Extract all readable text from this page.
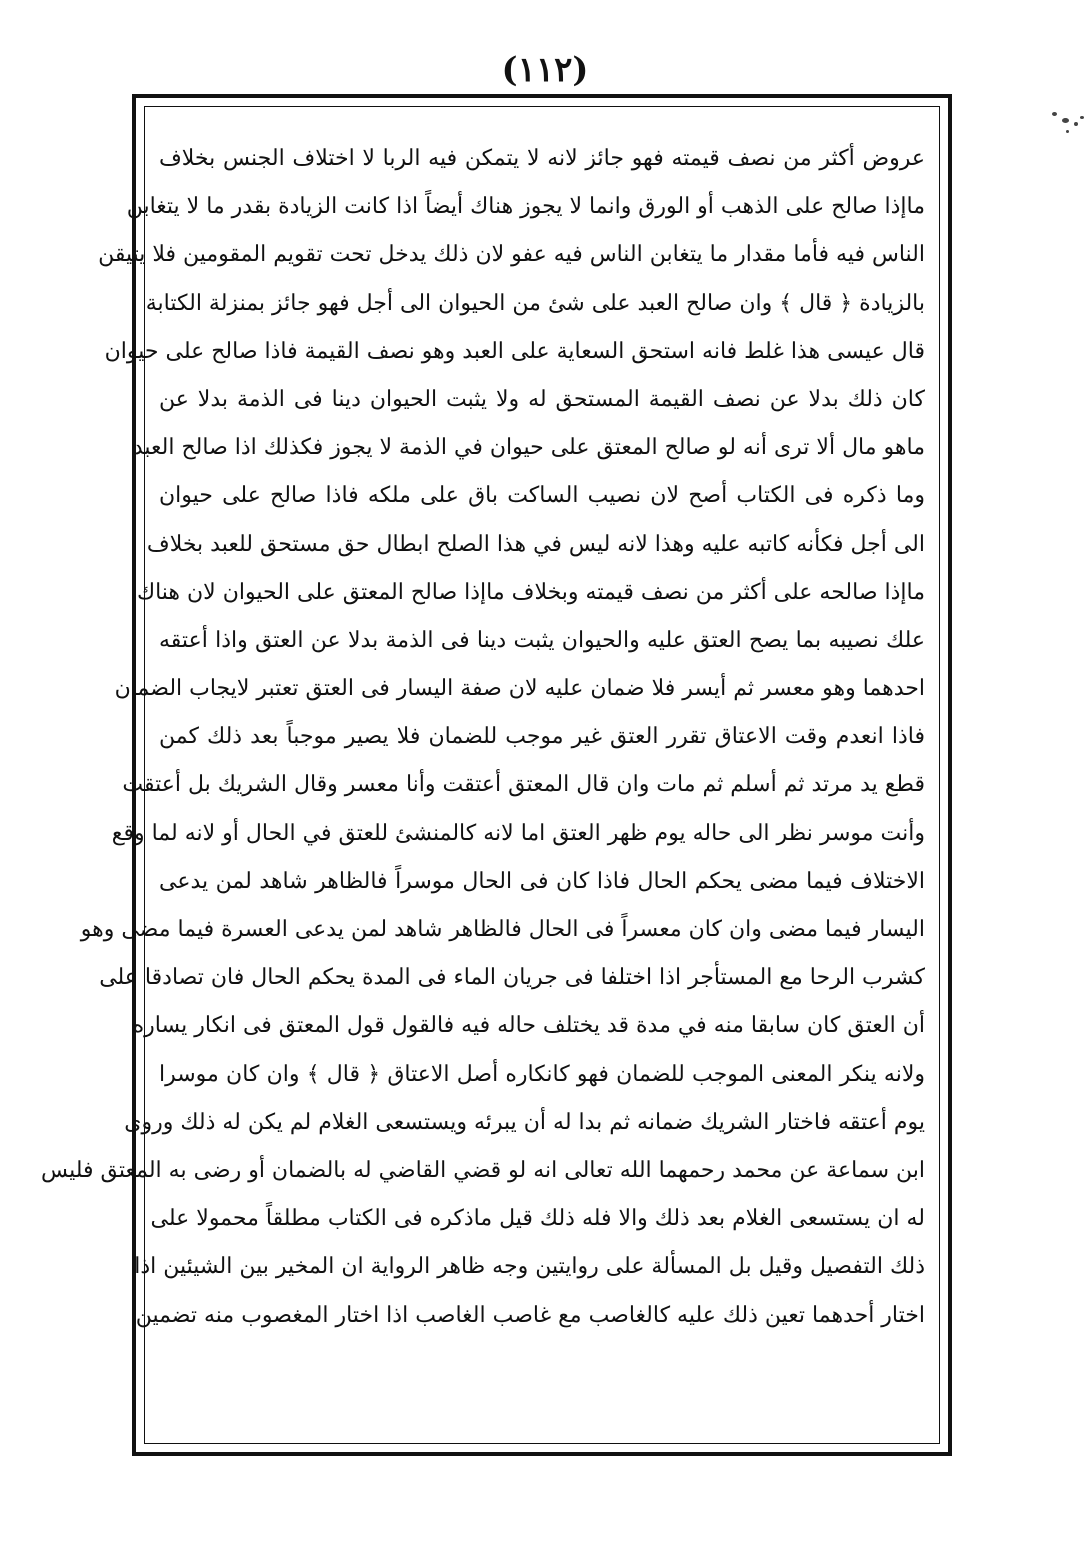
(١١٢)
عروض أكثر من نصف قيمته فهو جائز لانه لا يتمكن فيه الربا لا اختلاف الجنس بخلاف
ماإذا صالح على الذهب أو الورق وانما لا يجوز هناك أيضاً اذا كانت الزيادة بقدر ما لا يتغابن
الناس فيه فأما مقدار ما يتغابن الناس فيه عفو لان ذلك يدخل تحت تقويم المقومين فلا يتيقن
بالزيادة ﴿ قال ﴾ وان صالح العبد على شئ من الحيوان الى أجل فهو جائز بمنزلة الكتابة
قال عيسى هذا غلط فانه استحق السعاية على العبد وهو نصف القيمة فاذا صالح على حيوان
كان ذلك بدلا عن نصف القيمة المستحق له ولا يثبت الحيوان دينا فى الذمة بدلا عن
ماهو مال ألا ترى أنه لو صالح المعتق على حيوان في الذمة لا يجوز فكذلك اذا صالح العبد
وما ذكره فى الكتاب أصح لان نصيب الساكت باق على ملكه فاذا صالح على حيوان
الى أجل فكأنه كاتبه عليه وهذا لانه ليس في هذا الصلح ابطال حق مستحق للعبد بخلاف
ماإذا صالحه على أكثر من نصف قيمته وبخلاف ماإذا صالح المعتق على الحيوان لان هناك
علك نصيبه بما يصح العتق عليه والحيوان يثبت دينا فى الذمة بدلا عن العتق واذا أعتقه
احدهما وهو معسر ثم أيسر فلا ضمان عليه لان صفة اليسار فى العتق تعتبر لايجاب الضمان
فاذا انعدم وقت الاعتاق تقرر العتق غير موجب للضمان فلا يصير موجباً بعد ذلك كمن
قطع يد مرتد ثم أسلم ثم مات وان قال المعتق أعتقت وأنا معسر وقال الشريك بل أعتقت
وأنت موسر نظر الى حاله يوم ظهر العتق اما لانه كالمنشئ للعتق في الحال أو لانه لما وقع
الاختلاف فيما مضى يحكم الحال فاذا كان فى الحال موسراً فالظاهر شاهد لمن يدعى
اليسار فيما مضى وان كان معسراً فى الحال فالظاهر شاهد لمن يدعى العسرة فيما مضى وهو
كشرب الرحا مع المستأجر اذا اختلفا فى جريان الماء فى المدة يحكم الحال فان تصادقا على
أن العتق كان سابقا منه في مدة قد يختلف حاله فيه فالقول قول المعتق فى انكار يساره
ولانه ينكر المعنى الموجب للضمان فهو كانكاره أصل الاعتاق ﴿ قال ﴾ وان كان موسرا
يوم أعتقه فاختار الشريك ضمانه ثم بدا له أن يبرئه ويستسعى الغلام لم يكن له ذلك وروى
ابن سماعة عن محمد رحمهما الله تعالى انه لو قضي القاضي له بالضمان أو رضى به المعتق فليس
له ان يستسعى الغلام بعد ذلك والا فله ذلك قيل ماذكره فى الكتاب مطلقاً محمولا على
ذلك التفصيل وقيل بل المسألة على روايتين وجه ظاهر الرواية ان المخير بين الشيئين اذا
اختار أحدهما تعين ذلك عليه كالغاصب مع غاصب الغاصب اذا اختار المغصوب منه تضمين
